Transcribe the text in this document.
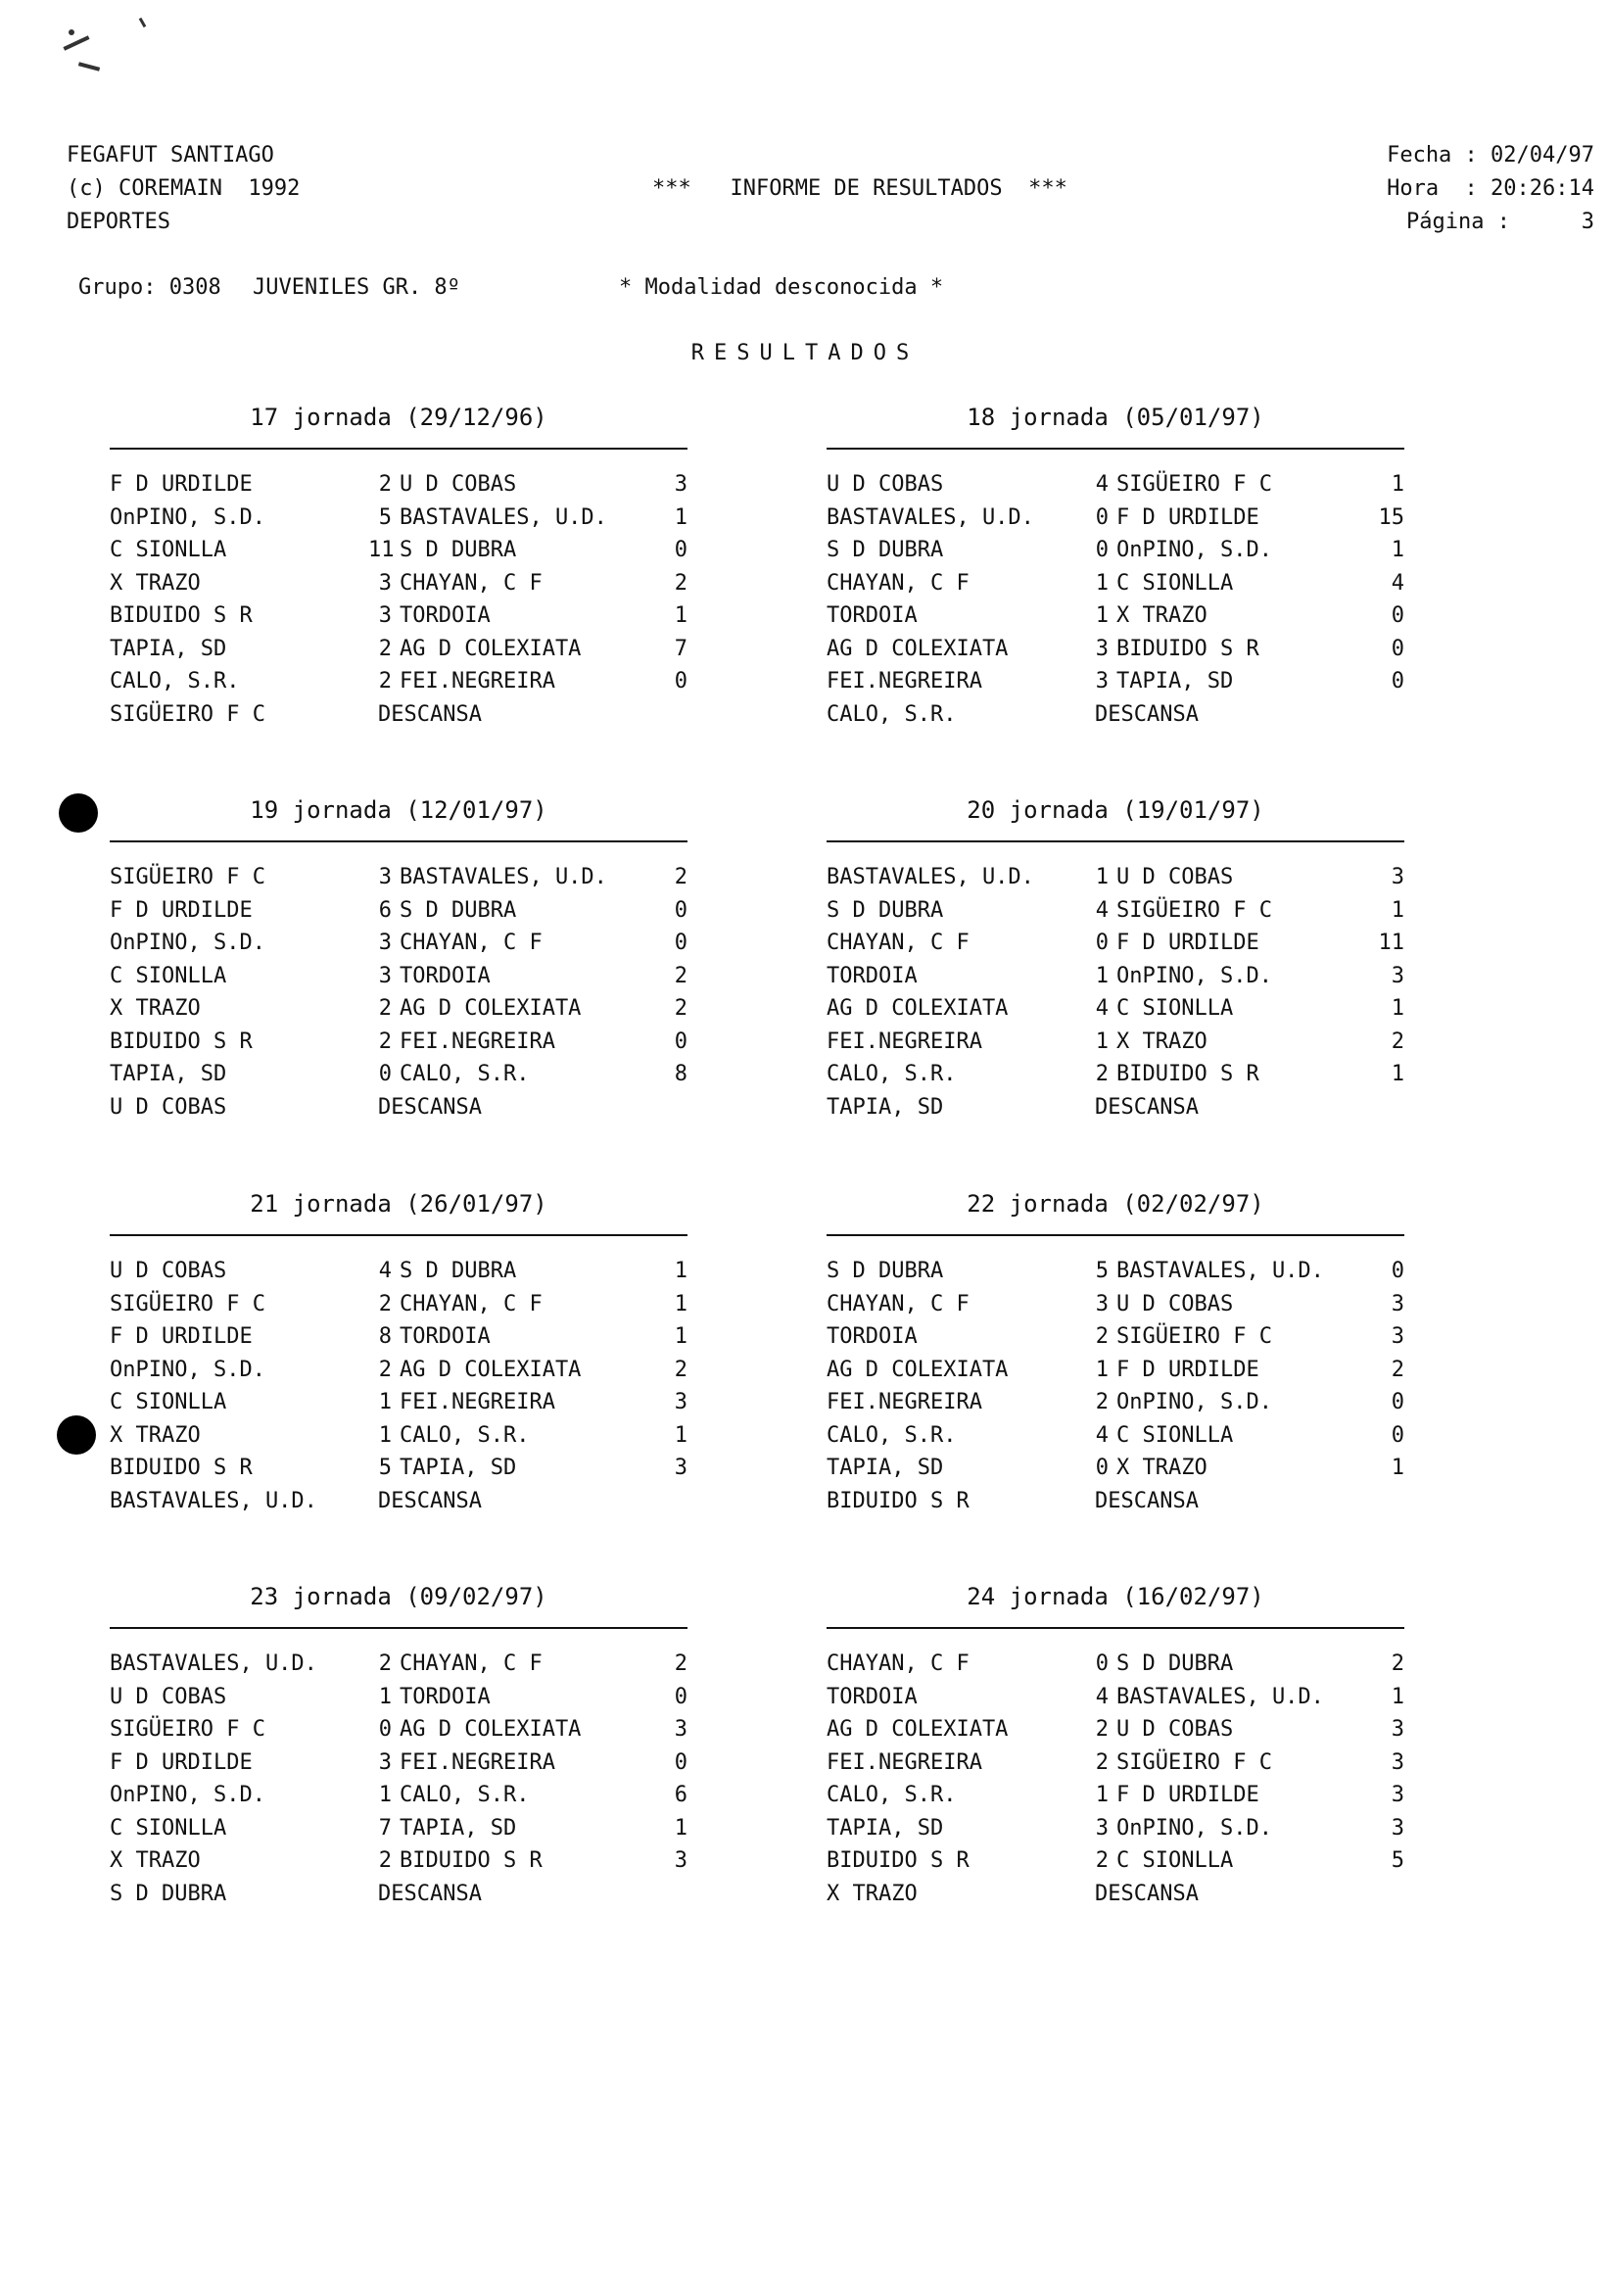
FEGAFUT SANTIAGO
(c) COREMAIN  1992
DEPORTES
***   INFORME DE RESULTADOS  ***
Fecha : 02/04/97
Hora  : 20:26:14
Página :	3
Grupo: 0308 JUVENILES GR. 8º	* Modalidad desconocida *
RESULTADOS
17 jornada (29/12/96)
F D URDILDE	2 U D COBAS	3
OnPINO, S.D.	5 BASTAVALES, U.D.	1
C SIONLLA	11 S D DUBRA	0
X TRAZO	3 CHAYAN, C F	2
BIDUIDO S R	3 TORDOIA	1
TAPIA, SD	2 AG D COLEXIATA	7
CALO, S.R.	2 FEI.NEGREIRA	0
SIGÜEIRO F C	DESCANSA
18 jornada (05/01/97)
U D COBAS	4 SIGÜEIRO F C	1
BASTAVALES, U.D.	0 F D URDILDE	15
S D DUBRA	0 OnPINO, S.D.	1
CHAYAN, C F	1 C SIONLLA	4
TORDOIA	1 X TRAZO	0
AG D COLEXIATA	3 BIDUIDO S R	0
FEI.NEGREIRA	3 TAPIA, SD	0
CALO, S.R.	DESCANSA
19 jornada (12/01/97)
SIGÜEIRO F C	3 BASTAVALES, U.D.	2
F D URDILDE	6 S D DUBRA	0
OnPINO, S.D.	3 CHAYAN, C F	0
C SIONLLA	3 TORDOIA	2
X TRAZO	2 AG D COLEXIATA	2
BIDUIDO S R	2 FEI.NEGREIRA	0
TAPIA, SD	0 CALO, S.R.	8
U D COBAS	DESCANSA
20 jornada (19/01/97)
BASTAVALES, U.D.	1 U D COBAS	3
S D DUBRA	4 SIGÜEIRO F C	1
CHAYAN, C F	0 F D URDILDE	11
TORDOIA	1 OnPINO, S.D.	3
AG D COLEXIATA	4 C SIONLLA	1
FEI.NEGREIRA	1 X TRAZO	2
CALO, S.R.	2 BIDUIDO S R	1
TAPIA, SD	DESCANSA
21 jornada (26/01/97)
U D COBAS	4 S D DUBRA	1
SIGÜEIRO F C	2 CHAYAN, C F	1
F D URDILDE	8 TORDOIA	1
OnPINO, S.D.	2 AG D COLEXIATA	2
C SIONLLA	1 FEI.NEGREIRA	3
X TRAZO	1 CALO, S.R.	1
BIDUIDO S R	5 TAPIA, SD	3
BASTAVALES, U.D.	DESCANSA
22 jornada (02/02/97)
S D DUBRA	5 BASTAVALES, U.D.	0
CHAYAN, C F	3 U D COBAS	3
TORDOIA	2 SIGÜEIRO F C	3
AG D COLEXIATA	1 F D URDILDE	2
FEI.NEGREIRA	2 OnPINO, S.D.	0
CALO, S.R.	4 C SIONLLA	0
TAPIA, SD	0 X TRAZO	1
BIDUIDO S R	DESCANSA
23 jornada (09/02/97)
BASTAVALES, U.D.	2 CHAYAN, C F	2
U D COBAS	1 TORDOIA	0
SIGÜEIRO F C	0 AG D COLEXIATA	3
F D URDILDE	3 FEI.NEGREIRA	0
OnPINO, S.D.	1 CALO, S.R.	6
C SIONLLA	7 TAPIA, SD	1
X TRAZO	2 BIDUIDO S R	3
S D DUBRA	DESCANSA
24 jornada (16/02/97)
CHAYAN, C F	0 S D DUBRA	2
TORDOIA	4 BASTAVALES, U.D.	1
AG D COLEXIATA	2 U D COBAS	3
FEI.NEGREIRA	2 SIGÜEIRO F C	3
CALO, S.R.	1 F D URDILDE	3
TAPIA, SD	3 OnPINO, S.D.	3
BIDUIDO S R	2 C SIONLLA	5
X TRAZO	DESCANSA
